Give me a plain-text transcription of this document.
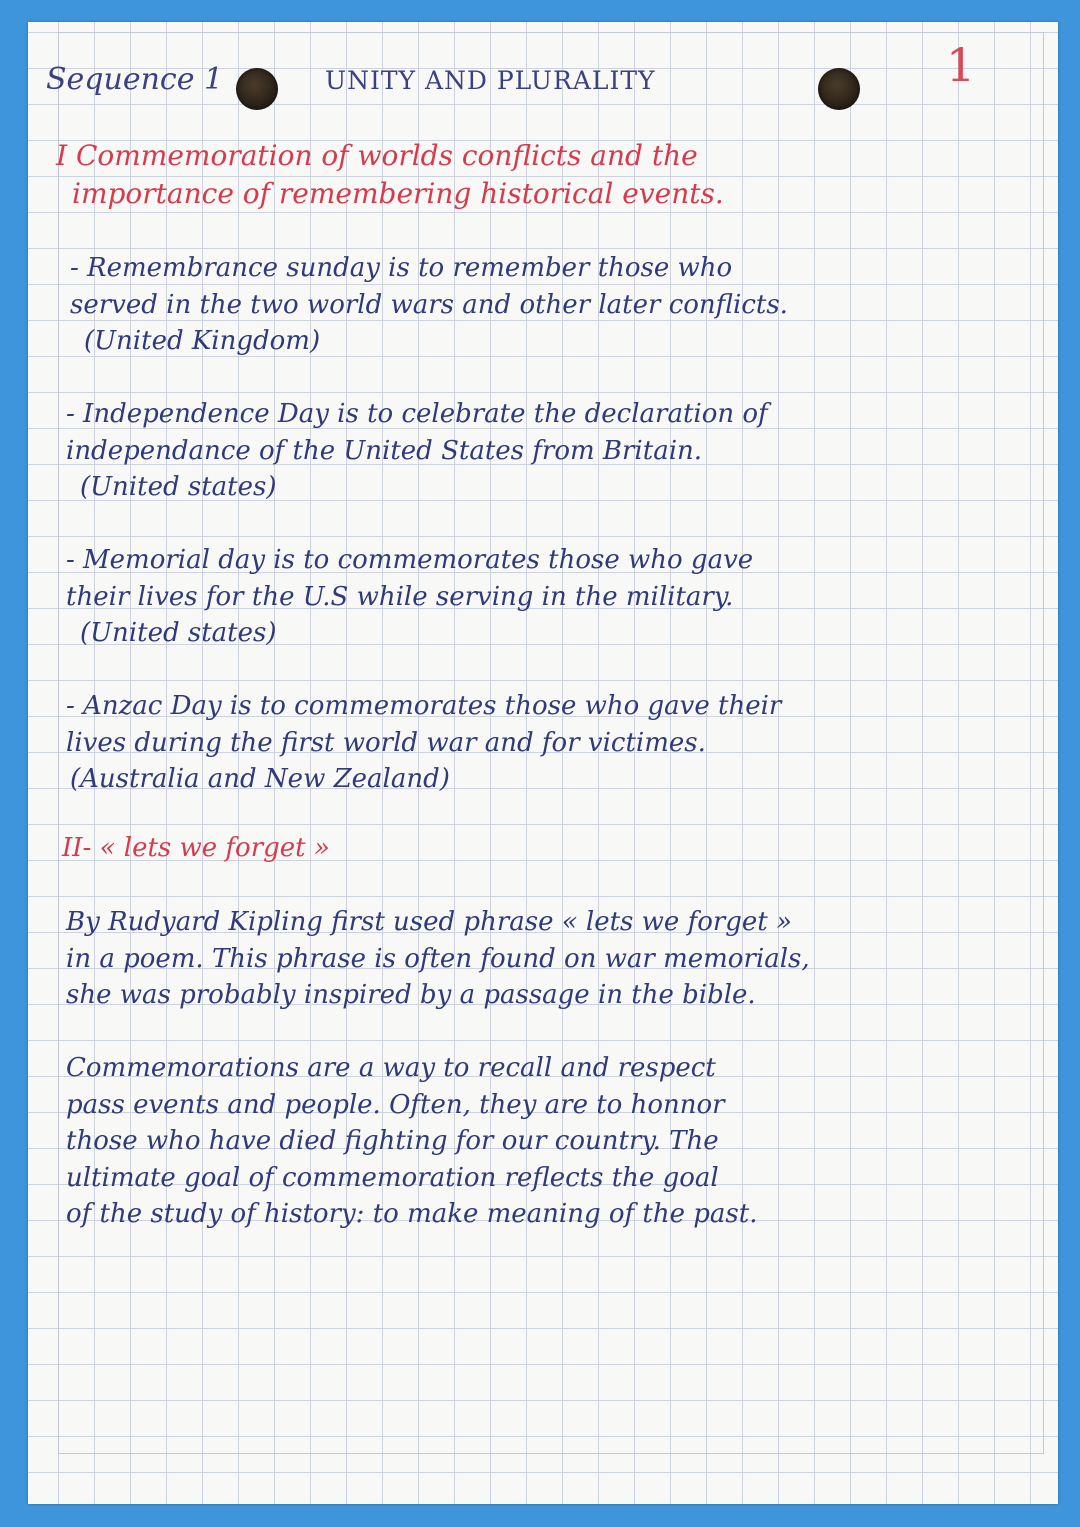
Sequence 1	UNITY AND PLURALITY	1

I Commemoration of worlds conflicts and the

importance of remembering historical events.

- Remembrance sunday is to remember those who
served in the two world wars and other later conflicts.
(United Kingdom)
- Independence Day is to celebrate the declaration of
independance of the United States from Britain.
(United states)
- Memorial day is to commemorates those who gave
their lives for the U.S while serving in the military.
(United states)
- Anzac Day is to commemorates those who gave their
lives during the first world war and for victimes.
(Australia and New Zealand)

II- « lets we forget »

By Rudyard Kipling first used phrase « lets we forget »
in a poem. This phrase is often found on war memorials,
she was probably inspired by a passage in the bible.
Commemorations are a way to recall and respect
pass events and people. Often, they are to honnor
those who have died fighting for our country. The
ultimate goal of commemoration reflects the goal
of the study of history: to make meaning of the past.
